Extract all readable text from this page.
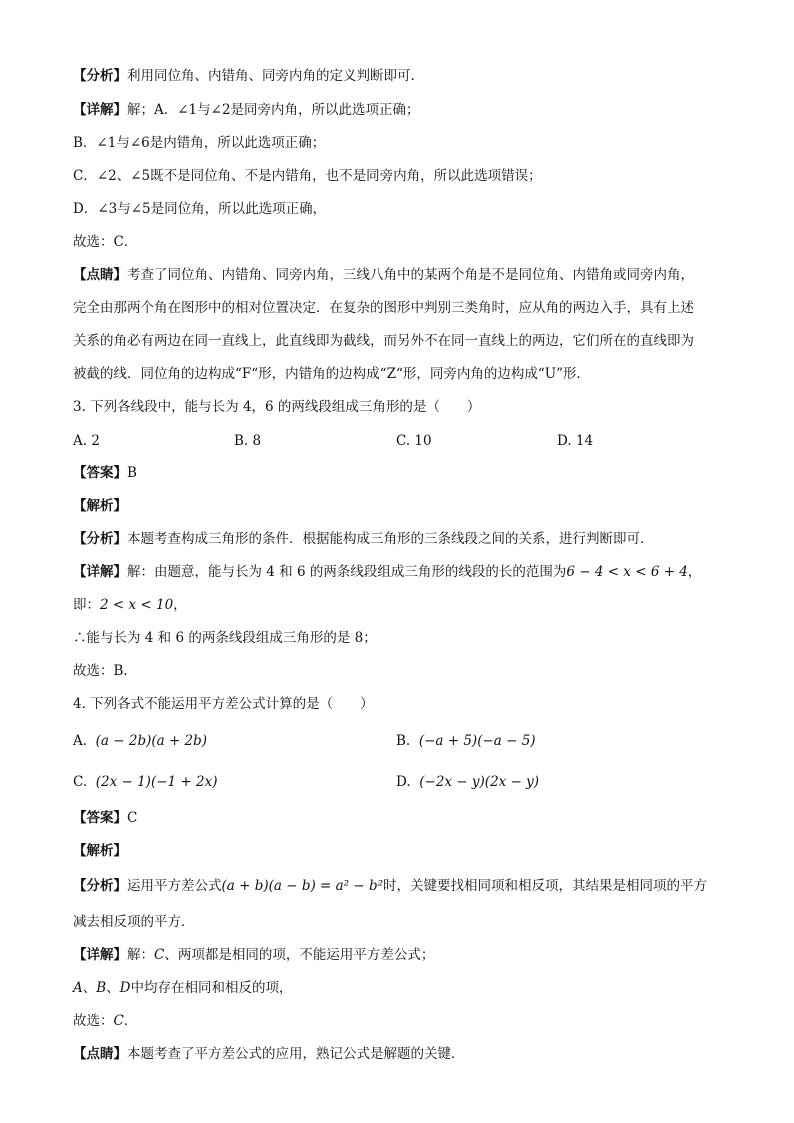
【分析】利用同位角、内错角、同旁内角的定义判断即可.
【详解】解；A．∠1与∠2是同旁内角，所以此选项正确；
B．∠1与∠6是内错角，所以此选项正确；
C．∠2、∠5既不是同位角、不是内错角，也不是同旁内角，所以此选项错误；
D．∠3与∠5是同位角，所以此选项正确，
故选：C．
【点睛】考查了同位角、内错角、同旁内角，三线八角中的某两个角是不是同位角、内错角或同旁内角，
完全由那两个角在图形中的相对位置决定．在复杂的图形中判别三类角时，应从角的两边入手，具有上述
关系的角必有两边在同一直线上，此直线即为截线，而另外不在同一直线上的两边，它们所在的直线即为
被截的线．同位角的边构成“F“形，内错角的边构成“Z“形，同旁内角的边构成“U”形．
3. 下列各线段中，能与长为 4，6 的两线段组成三角形的是（　　）
A. 2	B. 8	C. 10	D. 14
【答案】B
【解析】
【分析】本题考查构成三角形的条件．根据能构成三角形的三条线段之间的关系，进行判断即可．
【详解】解：由题意，能与长为 4 和 6 的两条线段组成三角形的线段的长的范围为6 − 4 < x < 6 + 4，
即：2 < x < 10，
∴能与长为 4 和 6 的两条线段组成三角形的是 8；
故选：B．
4. 下列各式不能运用平方差公式计算的是（　　）
A. (a − 2b)(a + 2b)	B. (−a + 5)(−a − 5)
C. (2x − 1)(−1 + 2x)	D. (−2x − y)(2x − y)
【答案】C
【解析】
【分析】运用平方差公式(a + b)(a − b) = a² − b²时，关键要找相同项和相反项，其结果是相同项的平方
减去相反项的平方．
【详解】解：C、两项都是相同的项，不能运用平方差公式；
A、B、D中均存在相同和相反的项，
故选：C．
【点睛】本题考查了平方差公式的应用，熟记公式是解题的关键．
